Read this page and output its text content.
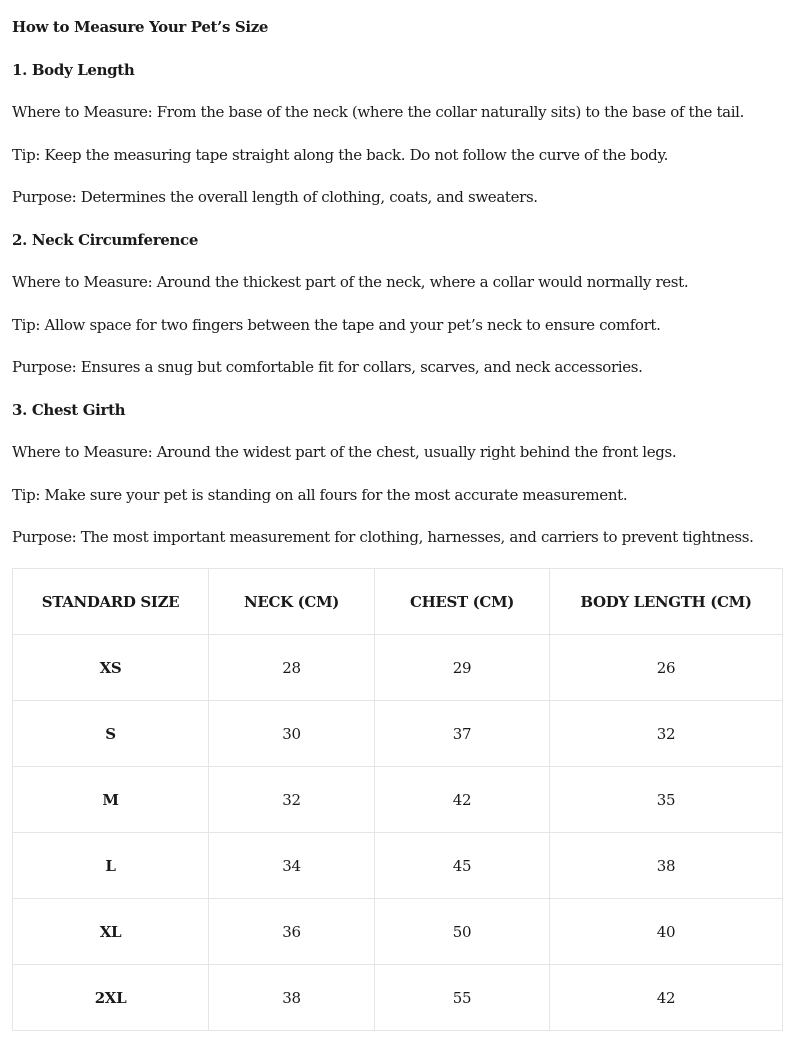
How to Measure Your Pet’s Size
1. Body Length
Where to Measure: From the base of the neck (where the collar naturally sits) to the base of the tail.
Tip: Keep the measuring tape straight along the back. Do not follow the curve of the body.
Purpose: Determines the overall length of clothing, coats, and sweaters.
2. Neck Circumference
Where to Measure: Around the thickest part of the neck, where a collar would normally rest.
Tip: Allow space for two fingers between the tape and your pet’s neck to ensure comfort.
Purpose: Ensures a snug but comfortable fit for collars, scarves, and neck accessories.
3. Chest Girth
Where to Measure: Around the widest part of the chest, usually right behind the front legs.
Tip: Make sure your pet is standing on all fours for the most accurate measurement.
Purpose: The most important measurement for clothing, harnesses, and carriers to prevent tightness.
STANDARD SIZE	NECK (CM)	CHEST (CM)	BODY LENGTH (CM)
XS	28	29	26
S	30	37	32
M	32	42	35
L	34	45	38
XL	36	50	40
2XL	38	55	42
